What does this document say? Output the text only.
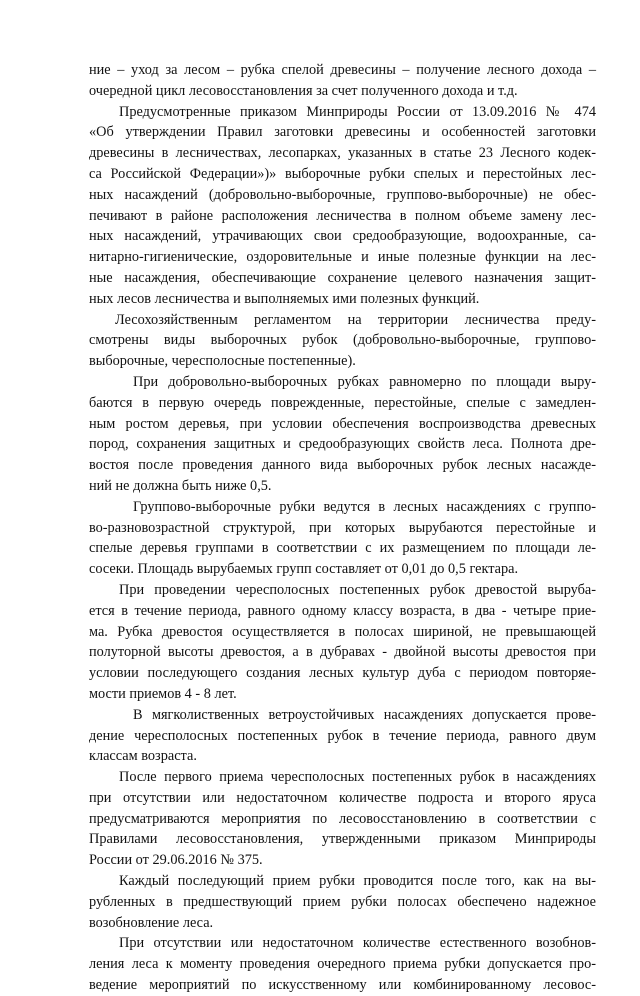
ние – уход за лесом – рубка спелой древесины – получение лесного дохода –
очередной цикл лесовосстановления за счет полученного дохода и т.д.
Предусмотренные приказом Минприроды России от 13.09.2016 № 474
«Об утверждении Правил заготовки древесины и особенностей заготовки
древесины в лесничествах, лесопарках, указанных в статье 23 Лесного кодек-
са Российской Федерации»)» выборочные рубки спелых и перестойных лес-
ных насаждений (добровольно-выборочные, группово-выборочные) не обес-
печивают в районе расположения лесничества в полном объеме замену лес-
ных насаждений, утрачивающих свои средообразующие, водоохранные, са-
нитарно-гигиенические, оздоровительные и иные полезные функции на лес-
ные насаждения, обеспечивающие сохранение целевого назначения защит-
ных лесов лесничества и выполняемых ими полезных функций.
Лесохозяйственным регламентом на территории лесничества преду-
смотрены виды выборочных рубок (добровольно-выборочные, группово-
выборочные, чересполосные постепенные).
При добровольно-выборочных рубках равномерно по площади выру-
баются в первую очередь поврежденные, перестойные, спелые с замедлен-
ным ростом деревья, при условии обеспечения воспроизводства древесных
пород, сохранения защитных и средообразующих свойств леса. Полнота дре-
востоя после проведения данного вида выборочных рубок лесных насажде-
ний не должна быть ниже 0,5.
Группово-выборочные рубки ведутся в лесных насаждениях с группо-
во-разновозрастной структурой, при которых вырубаются перестойные и
спелые деревья группами в соответствии с их размещением по площади ле-
сосеки. Площадь вырубаемых групп составляет от 0,01 до 0,5 гектара.
При проведении чересполосных постепенных рубок древостой выруба-
ется в течение периода, равного одному классу возраста, в два - четыре прие-
ма. Рубка древостоя осуществляется в полосах шириной, не превышающей
полуторной высоты древостоя, а в дубравах - двойной высоты древостоя при
условии последующего создания лесных культур дуба с периодом повторяе-
мости приемов 4 - 8 лет.
В мягколиственных ветроустойчивых насаждениях допускается прове-
дение чересполосных постепенных рубок в течение периода, равного двум
классам возраста.
После первого приема чересполосных постепенных рубок в насаждениях
при отсутствии или недостаточном количестве подроста и второго яруса
предусматриваются мероприятия по лесовосстановлению в соответствии с
Правилами лесовосстановления, утвержденными приказом Минприроды
России от 29.06.2016 № 375.
Каждый последующий прием рубки проводится после того, как на вы-
рубленных в предшествующий прием рубки полосах обеспечено надежное
возобновление леса.
При отсутствии или недостаточном количестве естественного возобнов-
ления леса к моменту проведения очередного приема рубки допускается про-
ведение мероприятий по искусственному или комбинированному лесовос-
